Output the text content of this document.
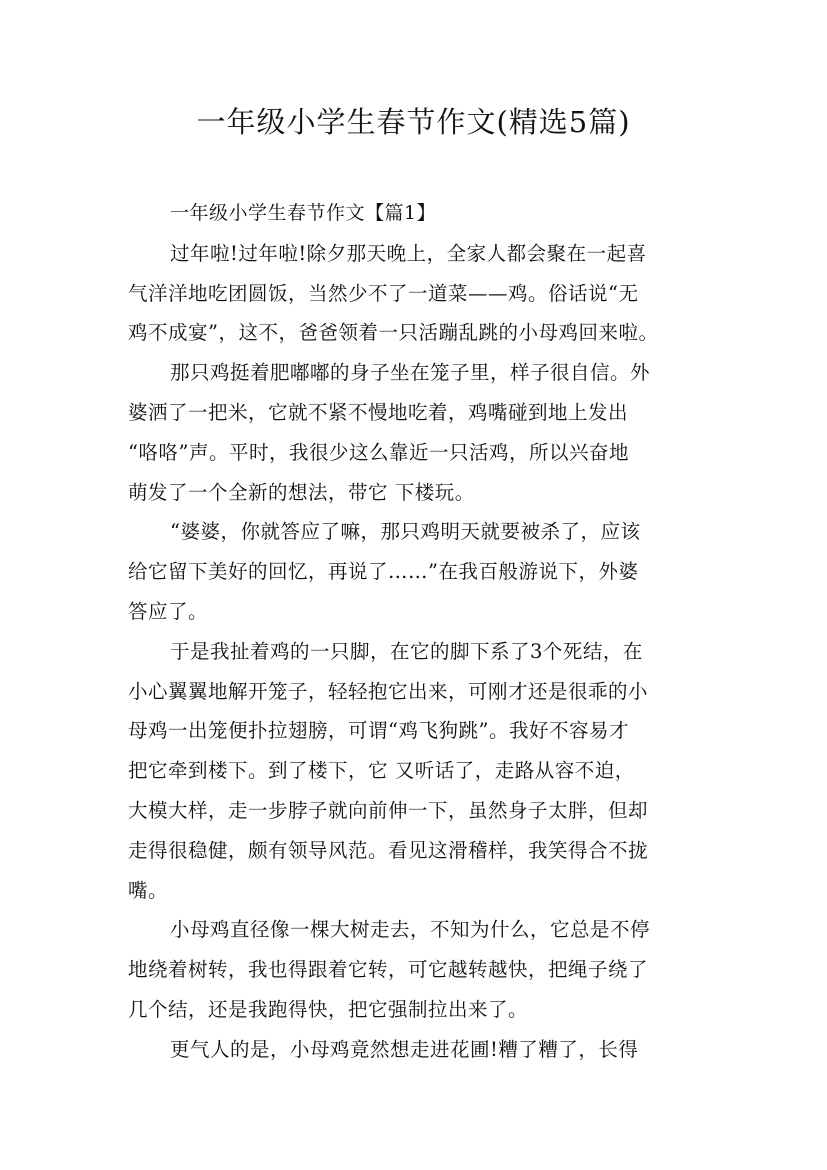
一年级小学生春节作文(精选5篇)
一年级小学生春节作文【篇1】
过年啦!过年啦!除夕那天晚上，全家人都会聚在一起喜
气洋洋地吃团圆饭，当然少不了一道菜——鸡。俗话说“无
鸡不成宴”，这不，爸爸领着一只活蹦乱跳的小母鸡回来啦。
那只鸡挺着肥嘟嘟的身子坐在笼子里，样子很自信。外
婆洒了一把米，它就不紧不慢地吃着，鸡嘴碰到地上发出
“咯咯”声。平时，我很少这么靠近一只活鸡，所以兴奋地
萌发了一个全新的想法，带它 下楼玩。
“婆婆，你就答应了嘛，那只鸡明天就要被杀了，应该
给它留下美好的回忆，再说了……”在我百般游说下，外婆
答应了。
于是我扯着鸡的一只脚，在它的脚下系了3个死结，在
小心翼翼地解开笼子，轻轻抱它出来，可刚才还是很乖的小
母鸡一出笼便扑拉翅膀，可谓“鸡飞狗跳”。我好不容易才
把它牵到楼下。到了楼下，它 又听话了，走路从容不迫，
大模大样，走一步脖子就向前伸一下，虽然身子太胖，但却
走得很稳健，颇有领导风范。看见这滑稽样，我笑得合不拢
嘴。
小母鸡直径像一棵大树走去，不知为什么，它总是不停
地绕着树转，我也得跟着它转，可它越转越快，把绳子绕了
几个结，还是我跑得快，把它强制拉出来了。
更气人的是，小母鸡竟然想走进花圃!糟了糟了，长得
